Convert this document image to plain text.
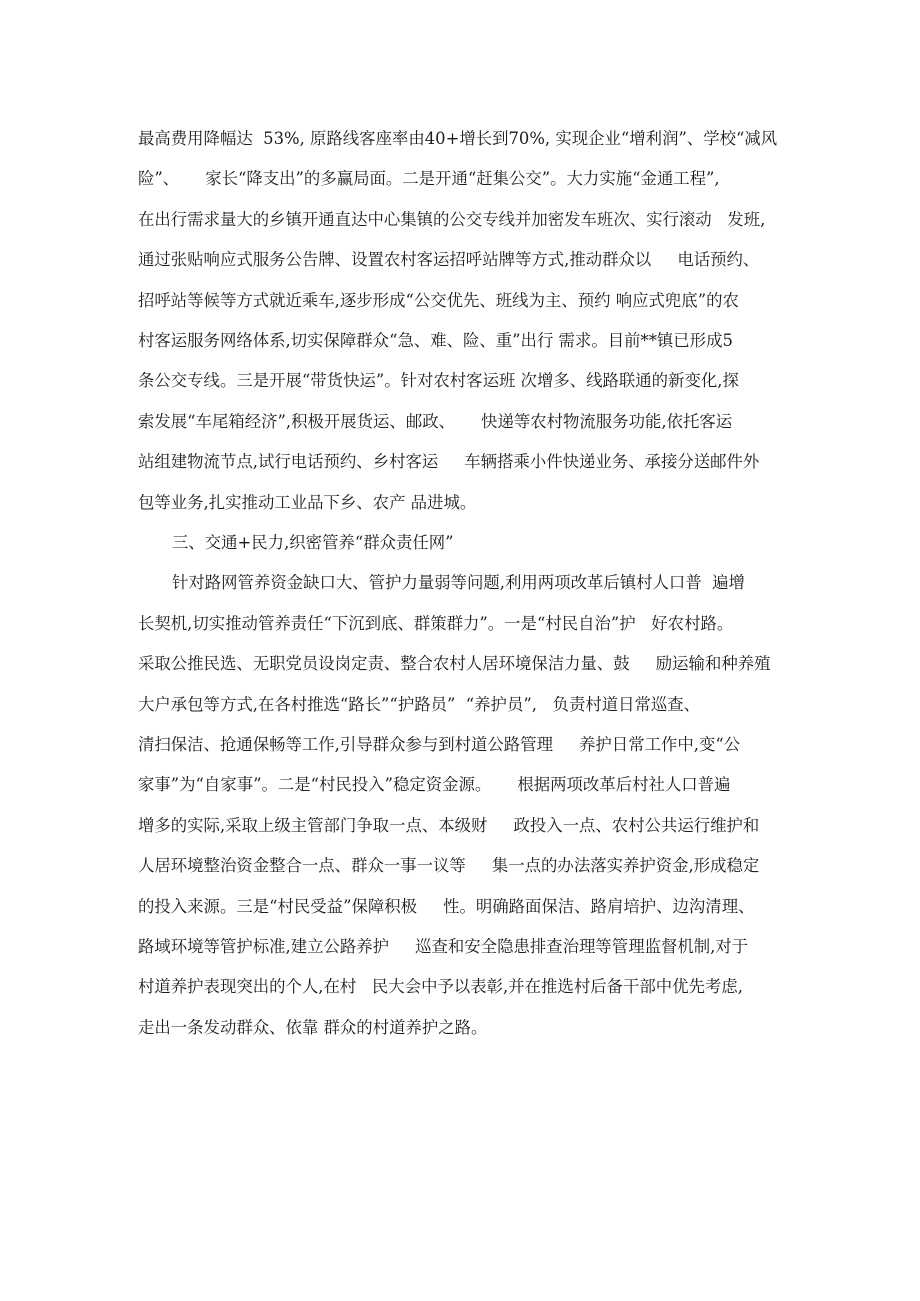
最高费用降幅达  53%, 原路线客座率由40+增长到70%, 实现企业“增利润”、学校“减风
险”、     家长“降支出”的多赢局面。二是开通“赶集公交”。大力实施“金通工程”,
在出行需求量大的乡镇开通直达中心集镇的公交专线并加密发车班次、实行滚动   发班,
通过张贴响应式服务公告牌、设置农村客运招呼站牌等方式,推动群众以     电话预约、
招呼站等候等方式就近乘车,逐步形成“公交优先、班线为主、预约 响应式兜底”的农
村客运服务网络体系,切实保障群众“急、难、险、重”出行 需求。目前**镇已形成5
条公交专线。三是开展“带货快运”。针对农村客运班 次增多、线路联通的新变化,探
索发展“车尾箱经济”,积极开展货运、邮政、     快递等农村物流服务功能,依托客运
站组建物流节点,试行电话预约、乡村客运     车辆搭乘小件快递业务、承接分送邮件外
包等业务,扎实推动工业品下乡、农产 品进城。
三、交通+民力,织密管养“群众责任网”
针对路网管养资金缺口大、管护力量弱等问题,利用两项改革后镇村人口普  遍增
长契机,切实推动管养责任“下沉到底、群策群力”。一是“村民自治”护   好农村路。
采取公推民选、无职党员设岗定责、整合农村人居环境保洁力量、鼓     励运输和种养殖
大户承包等方式,在各村推选“路长”“护路员”  “养护员”,   负责村道日常巡查、
清扫保洁、抢通保畅等工作,引导群众参与到村道公路管理     养护日常工作中,变“公
家事”为“自家事”。二是“村民投入”稳定资金源。     根据两项改革后村社人口普遍
增多的实际,采取上级主管部门争取一点、本级财     政投入一点、农村公共运行维护和
人居环境整治资金整合一点、群众一事一议等     集一点的办法落实养护资金,形成稳定
的投入来源。三是“村民受益”保障积极     性。明确路面保洁、路肩培护、边沟清理、
路域环境等管护标准,建立公路养护     巡查和安全隐患排查治理等管理监督机制,对于
村道养护表现突出的个人,在村   民大会中予以表彰,并在推选村后备干部中优先考虑,
走出一条发动群众、依靠 群众的村道养护之路。
